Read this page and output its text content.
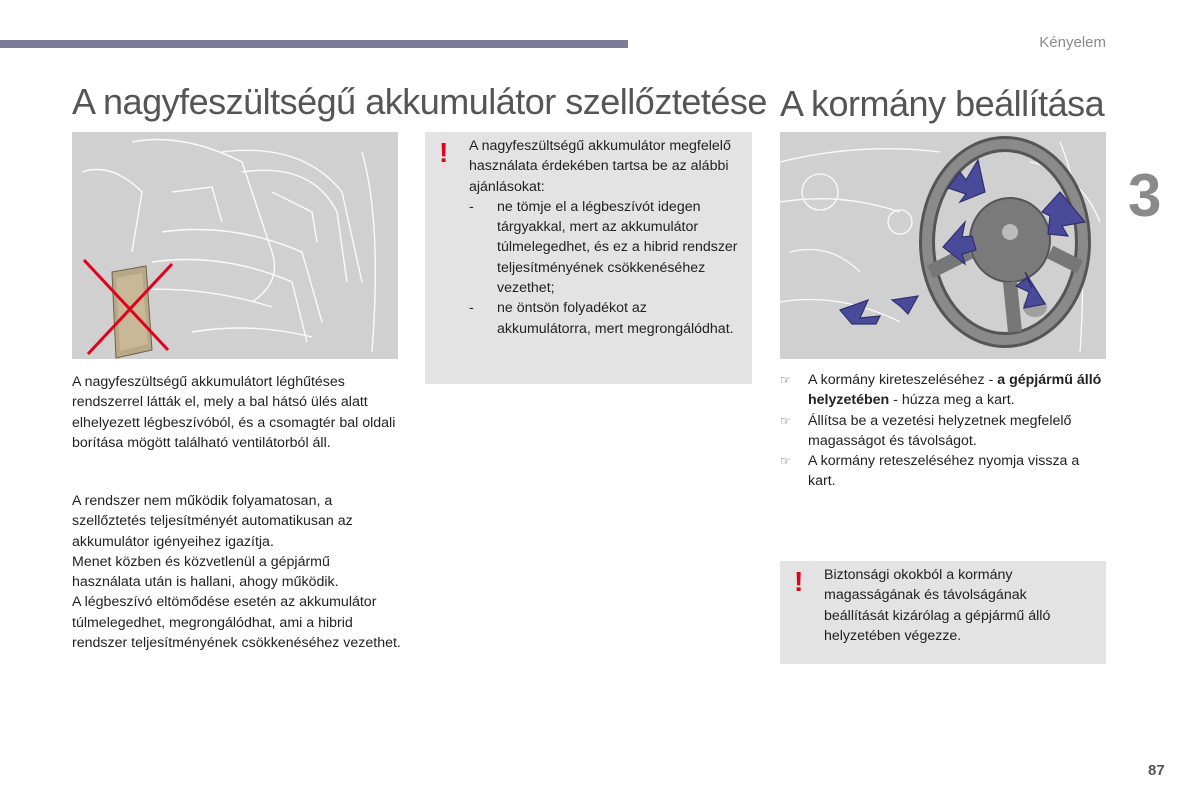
Kényelem
3
87
A nagyfeszültségű akkumulátor szellőztetése
! A nagyfeszültségű akkumulátor megfelelő használata érdekében tartsa be az alábbi ajánlásokat:
-	ne tömje el a légbeszívót idegen tárgyakkal, mert az akkumulátor túlmelegedhet, és ez a hibrid rendszer teljesítményének csökkenéséhez vezethet;
-	ne öntsön folyadékot az akkumulátorra, mert megrongálódhat.
A nagyfeszültségű akkumulátort léghűtéses rendszerrel látták el, mely a bal hátsó ülés alatt elhelyezett légbeszívóból, és a csomagtér bal oldali borítása mögött található ventilátorból áll.
A rendszer nem működik folyamatosan, a szellőztetés teljesítményét automatikusan az akkumulátor igényeihez igazítja.
Menet közben és közvetlenül a gépjármű használata után is hallani, ahogy működik.
A légbeszívó eltömődése esetén az akkumulátor túlmelegedhet, megrongálódhat, ami a hibrid rendszer teljesítményének csökkenéséhez vezethet.
A kormány beállítása
☞	A kormány kireteszeléséhez - a gépjármű álló helyzetében - húzza meg a kart.
☞	Állítsa be a vezetési helyzetnek megfelelő magasságot és távolságot.
☞	A kormány reteszeléséhez nyomja vissza a kart.
! Biztonsági okokból a kormány magasságának és távolságának beállítását kizárólag a gépjármű álló helyzetében végezze.
